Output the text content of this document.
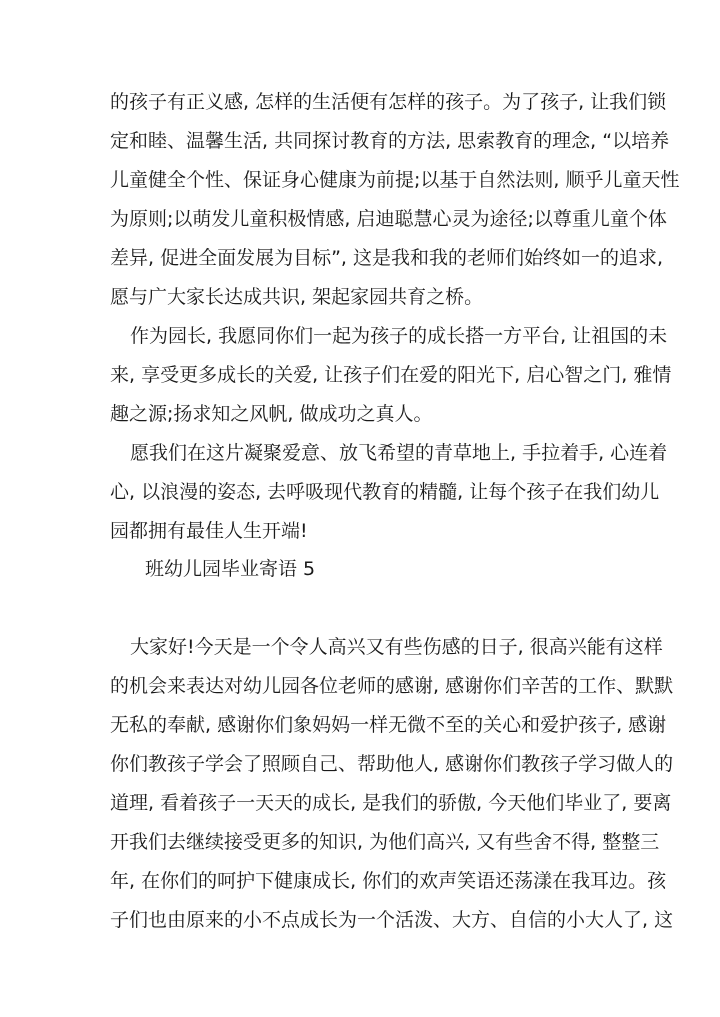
的孩子有正义感, 怎样的生活便有怎样的孩子。为了孩子, 让我们锁
定和睦、温馨生活, 共同探讨教育的方法, 思索教育的理念, “以培养
儿童健全个性、保证身心健康为前提;以基于自然法则, 顺乎儿童天性
为原则;以萌发儿童积极情感, 启迪聪慧心灵为途径;以尊重儿童个体
差异, 促进全面发展为目标”, 这是我和我的老师们始终如一的追求,
愿与广大家长达成共识, 架起家园共育之桥。
作为园长, 我愿同你们一起为孩子的成长搭一方平台, 让祖国的未
来, 享受更多成长的关爱, 让孩子们在爱的阳光下, 启心智之门, 雅情
趣之源;扬求知之风帆, 做成功之真人。
愿我们在这片凝聚爱意、放飞希望的青草地上, 手拉着手, 心连着
心, 以浪漫的姿态, 去呼吸现代教育的精髓, 让每个孩子在我们幼儿
园都拥有最佳人生开端!
班幼儿园毕业寄语 5
大家好!今天是一个令人高兴又有些伤感的日子, 很高兴能有这样
的机会来表达对幼儿园各位老师的感谢, 感谢你们辛苦的工作、默默
无私的奉献, 感谢你们象妈妈一样无微不至的关心和爱护孩子, 感谢
你们教孩子学会了照顾自己、帮助他人, 感谢你们教孩子学习做人的
道理, 看着孩子一天天的成长, 是我们的骄傲, 今天他们毕业了, 要离
开我们去继续接受更多的知识, 为他们高兴, 又有些舍不得, 整整三
年, 在你们的呵护下健康成长, 你们的欢声笑语还荡漾在我耳边。孩
子们也由原来的小不点成长为一个活泼、大方、自信的小大人了, 这
